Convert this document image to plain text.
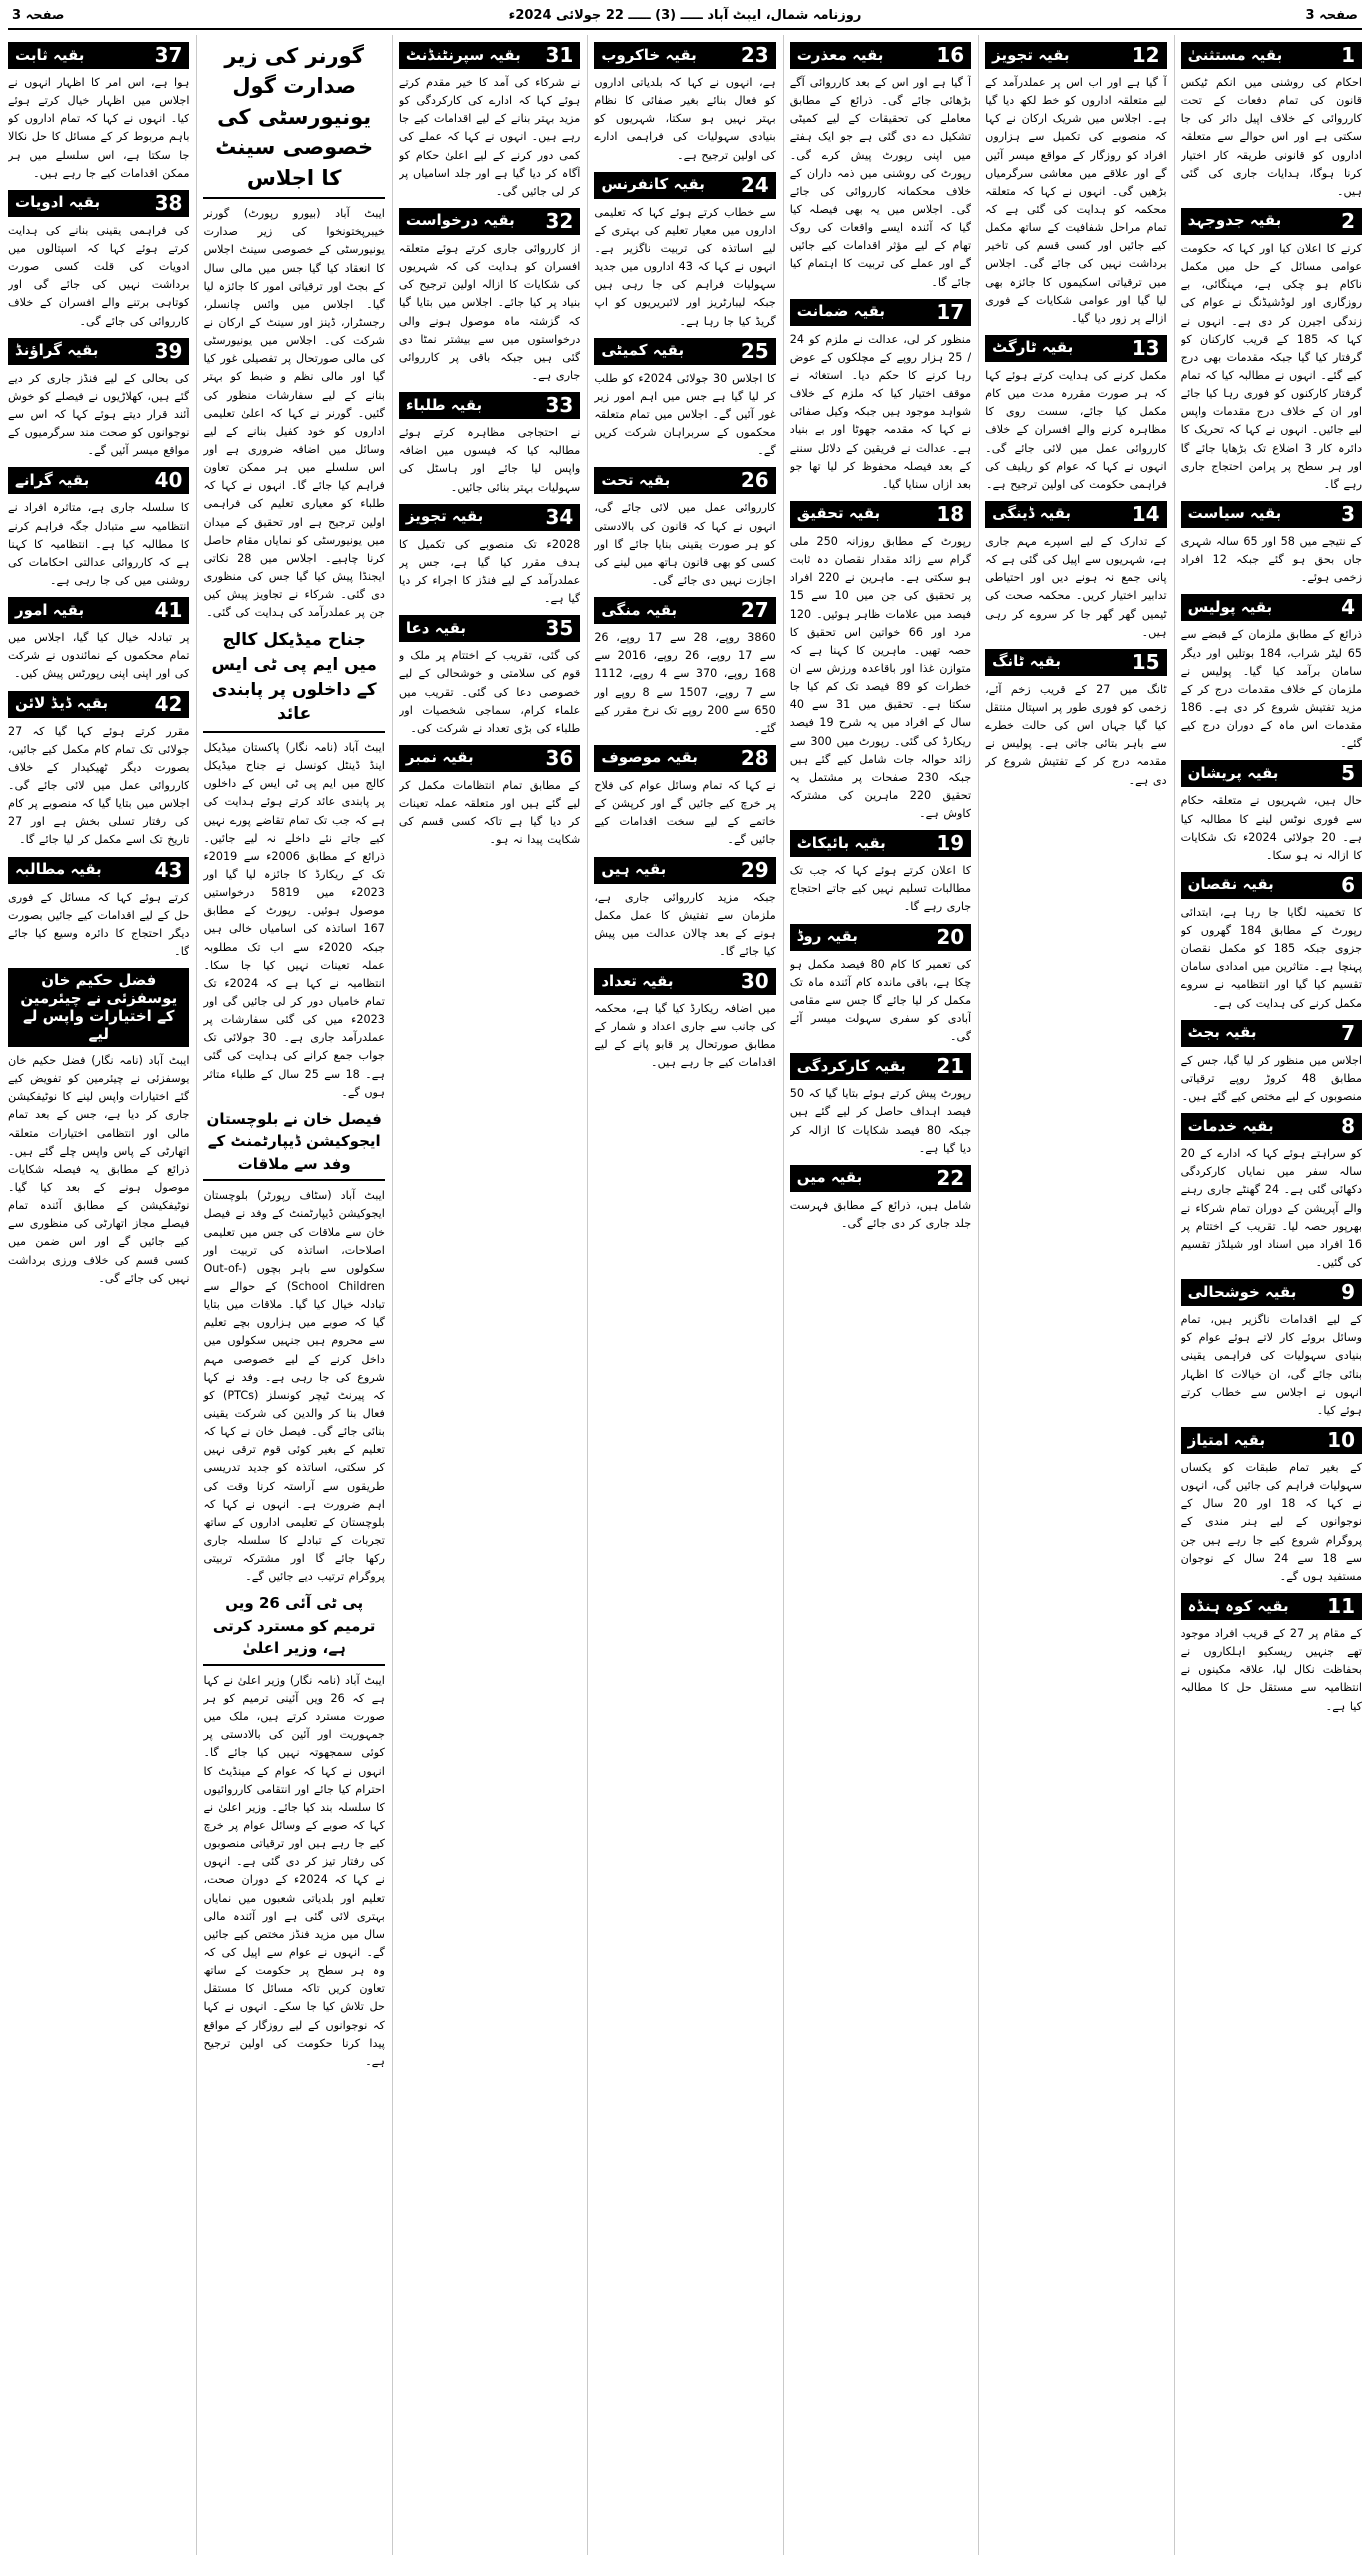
صفحہ 3
روزنامہ شمال، ایبٹ آباد ـــــ (3) ـــــ 22 جولائی 2024ء
صفحہ 3
1
بقیہ مستثنیٰ

احکام کی روشنی میں انکم ٹیکس قانون کی تمام دفعات کے تحت کارروائی کے خلاف اپیل دائر کی جا سکتی ہے اور اس حوالے سے متعلقہ اداروں کو قانونی طریقہ کار اختیار کرنا ہوگا، ہدایات جاری کی گئی ہیں۔

2
بقیہ جدوجہد

کرنے کا اعلان کیا اور کہا کہ حکومت عوامی مسائل کے حل میں مکمل ناکام ہو چکی ہے، مہنگائی، بے روزگاری اور لوڈشیڈنگ نے عوام کی زندگی اجیرن کر دی ہے۔ انہوں نے کہا کہ 185 کے قریب کارکنان کو گرفتار کیا گیا جبکہ مقدمات بھی درج کیے گئے۔ انہوں نے مطالبہ کیا کہ تمام گرفتار کارکنوں کو فوری رہا کیا جائے اور ان کے خلاف درج مقدمات واپس لیے جائیں۔ انہوں نے کہا کہ تحریک کا دائرہ کار 3 اضلاع تک بڑھایا جائے گا اور ہر سطح پر پرامن احتجاج جاری رہے گا۔

3
بقیہ سیاست

کے نتیجے میں 58 اور 65 سالہ شہری جاں بحق ہو گئے جبکہ 12 افراد زخمی ہوئے۔

4
بقیہ پولیس

ذرائع کے مطابق ملزمان کے قبضے سے 65 لیٹر شراب، 184 بوتلیں اور دیگر سامان برآمد کیا گیا۔ پولیس نے ملزمان کے خلاف مقدمات درج کر کے مزید تفتیش شروع کر دی ہے۔ 186 مقدمات اس ماہ کے دوران درج کیے گئے۔

5
بقیہ پریشان

حال ہیں، شہریوں نے متعلقہ حکام سے فوری نوٹس لینے کا مطالبہ کیا ہے۔ 20 جولائی 2024ء تک شکایات کا ازالہ نہ ہو سکا۔

6
بقیہ نقصان

کا تخمینہ لگایا جا رہا ہے، ابتدائی رپورٹ کے مطابق 184 گھروں کو جزوی جبکہ 185 کو مکمل نقصان پہنچا ہے۔ متاثرین میں امدادی سامان تقسیم کیا گیا اور انتظامیہ نے سروے مکمل کرنے کی ہدایت کی ہے۔

7
بقیہ بجٹ

اجلاس میں منظور کر لیا گیا، جس کے مطابق 48 کروڑ روپے ترقیاتی منصوبوں کے لیے مختص کیے گئے ہیں۔

8
بقیہ خدمات

کو سراہتے ہوئے کہا کہ ادارے کے 20 سالہ سفر میں نمایاں کارکردگی دکھائی گئی ہے۔ 24 گھنٹے جاری رہنے والے آپریشن کے دوران تمام شرکاء نے بھرپور حصہ لیا۔ تقریب کے اختتام پر 16 افراد میں اسناد اور شیلڈز تقسیم کی گئیں۔

9
بقیہ خوشحالی

کے لیے اقدامات ناگزیر ہیں، تمام وسائل بروئے کار لاتے ہوئے عوام کو بنیادی سہولیات کی فراہمی یقینی بنائی جائے گی، ان خیالات کا اظہار انہوں نے اجلاس سے خطاب کرتے ہوئے کیا۔

10
بقیہ امتیاز

کے بغیر تمام طبقات کو یکساں سہولیات فراہم کی جائیں گی، انہوں نے کہا کہ 18 اور 20 سال کے نوجوانوں کے لیے ہنر مندی کے پروگرام شروع کیے جا رہے ہیں جن سے 18 سے 24 سال کے نوجوان مستفید ہوں گے۔

11
بقیہ کوہ ہنڈہ

کے مقام پر 27 کے قریب افراد موجود تھے جنہیں ریسکیو اہلکاروں نے بحفاظت نکال لیا، علاقہ مکینوں نے انتظامیہ سے مستقل حل کا مطالبہ کیا ہے۔

12
بقیہ تجویز

آ گیا ہے اور اب اس پر عملدرآمد کے لیے متعلقہ اداروں کو خط لکھ دیا گیا ہے۔ اجلاس میں شریک ارکان نے کہا کہ منصوبے کی تکمیل سے ہزاروں افراد کو روزگار کے مواقع میسر آئیں گے اور علاقے میں معاشی سرگرمیاں بڑھیں گی۔ انہوں نے کہا کہ متعلقہ محکمہ کو ہدایت کی گئی ہے کہ تمام مراحل شفافیت کے ساتھ مکمل کیے جائیں اور کسی قسم کی تاخیر برداشت نہیں کی جائے گی۔ اجلاس میں ترقیاتی اسکیموں کا جائزہ بھی لیا گیا اور عوامی شکایات کے فوری ازالے پر زور دیا گیا۔

13
بقیہ ٹارگٹ

مکمل کرنے کی ہدایت کرتے ہوئے کہا کہ ہر صورت مقررہ مدت میں کام مکمل کیا جائے، سست روی کا مظاہرہ کرنے والے افسران کے خلاف کارروائی عمل میں لائی جائے گی۔ انہوں نے کہا کہ عوام کو ریلیف کی فراہمی حکومت کی اولین ترجیح ہے۔

14
بقیہ ڈینگی

کے تدارک کے لیے اسپرے مہم جاری ہے، شہریوں سے اپیل کی گئی ہے کہ پانی جمع نہ ہونے دیں اور احتیاطی تدابیر اختیار کریں۔ محکمہ صحت کی ٹیمیں گھر گھر جا کر سروے کر رہی ہیں۔

15
بقیہ ٹانگ

ٹانگ میں 27 کے قریب زخم آئے، زخمی کو فوری طور پر اسپتال منتقل کیا گیا جہاں اس کی حالت خطرے سے باہر بتائی جاتی ہے۔ پولیس نے مقدمہ درج کر کے تفتیش شروع کر دی ہے۔

16
بقیہ معذرت

آ گیا ہے اور اس کے بعد کارروائی آگے بڑھائی جائے گی۔ ذرائع کے مطابق معاملے کی تحقیقات کے لیے کمیٹی تشکیل دے دی گئی ہے جو ایک ہفتے میں اپنی رپورٹ پیش کرے گی۔ رپورٹ کی روشنی میں ذمہ داران کے خلاف محکمانہ کارروائی کی جائے گی۔ اجلاس میں یہ بھی فیصلہ کیا گیا کہ آئندہ ایسے واقعات کی روک تھام کے لیے مؤثر اقدامات کیے جائیں گے اور عملے کی تربیت کا اہتمام کیا جائے گا۔

17
بقیہ ضمانت

منظور کر لی، عدالت نے ملزم کو 24 / 25 ہزار روپے کے مچلکوں کے عوض رہا کرنے کا حکم دیا۔ استغاثہ نے موقف اختیار کیا کہ ملزم کے خلاف شواہد موجود ہیں جبکہ وکیل صفائی نے کہا کہ مقدمہ جھوٹا اور بے بنیاد ہے۔ عدالت نے فریقین کے دلائل سننے کے بعد فیصلہ محفوظ کر لیا تھا جو بعد ازاں سنایا گیا۔

18
بقیہ تحقیق

رپورٹ کے مطابق روزانہ 250 ملی گرام سے زائد مقدار نقصان دہ ثابت ہو سکتی ہے۔ ماہرین نے 220 افراد پر تحقیق کی جن میں 10 سے 15 فیصد میں علامات ظاہر ہوئیں۔ 120 مرد اور 66 خواتین اس تحقیق کا حصہ تھیں۔ ماہرین کا کہنا ہے کہ متوازن غذا اور باقاعدہ ورزش سے ان خطرات کو 89 فیصد تک کم کیا جا سکتا ہے۔ تحقیق میں 31 سے 40 سال کے افراد میں یہ شرح 19 فیصد ریکارڈ کی گئی۔ رپورٹ میں 300 سے زائد حوالہ جات شامل کیے گئے ہیں جبکہ 230 صفحات پر مشتمل یہ تحقیق 220 ماہرین کی مشترکہ کاوش ہے۔

19
بقیہ بائیکاٹ

کا اعلان کرتے ہوئے کہا کہ جب تک مطالبات تسلیم نہیں کیے جاتے احتجاج جاری رہے گا۔

20
بقیہ روڈ

کی تعمیر کا کام 80 فیصد مکمل ہو چکا ہے، باقی ماندہ کام آئندہ ماہ تک مکمل کر لیا جائے گا جس سے مقامی آبادی کو سفری سہولت میسر آئے گی۔

21
بقیہ کارکردگی

رپورٹ پیش کرتے ہوئے بتایا گیا کہ 50 فیصد اہداف حاصل کر لیے گئے ہیں جبکہ 80 فیصد شکایات کا ازالہ کر دیا گیا ہے۔

22
بقیہ میں

شامل ہیں، ذرائع کے مطابق فہرست جلد جاری کر دی جائے گی۔

23
بقیہ خاکروب

ہے، انہوں نے کہا کہ بلدیاتی اداروں کو فعال بنائے بغیر صفائی کا نظام بہتر نہیں ہو سکتا، شہریوں کو بنیادی سہولیات کی فراہمی ادارے کی اولین ترجیح ہے۔

24
بقیہ کانفرنس

سے خطاب کرتے ہوئے کہا کہ تعلیمی اداروں میں معیار تعلیم کی بہتری کے لیے اساتذہ کی تربیت ناگزیر ہے۔ انہوں نے کہا کہ 43 اداروں میں جدید سہولیات فراہم کی جا رہی ہیں جبکہ لیبارٹریز اور لائبریریوں کو اپ گریڈ کیا جا رہا ہے۔

25
بقیہ کمیٹی

کا اجلاس 30 جولائی 2024ء کو طلب کر لیا گیا ہے جس میں اہم امور زیر غور آئیں گے۔ اجلاس میں تمام متعلقہ محکموں کے سربراہان شرکت کریں گے۔

26
بقیہ تحت

کارروائی عمل میں لائی جائے گی، انہوں نے کہا کہ قانون کی بالادستی کو ہر صورت یقینی بنایا جائے گا اور کسی کو بھی قانون ہاتھ میں لینے کی اجازت نہیں دی جائے گی۔

27
بقیہ منگی

3860 روپے، 28 سے 17 روپے، 26 سے 17 روپے، 26 روپے، 2016 سے 168 روپے، 370 سے 4 روپے، 1112 سے 7 روپے، 1507 سے 8 روپے اور 650 سے 200 روپے تک نرخ مقرر کیے گئے۔

28
بقیہ موصوف

نے کہا کہ تمام وسائل عوام کی فلاح پر خرچ کیے جائیں گے اور کرپشن کے خاتمے کے لیے سخت اقدامات کیے جائیں گے۔

29
بقیہ ہیں

جبکہ مزید کارروائی جاری ہے، ملزمان سے تفتیش کا عمل مکمل ہونے کے بعد چالان عدالت میں پیش کیا جائے گا۔

30
بقیہ تعداد

میں اضافہ ریکارڈ کیا گیا ہے، محکمہ کی جانب سے جاری اعداد و شمار کے مطابق صورتحال پر قابو پانے کے لیے اقدامات کیے جا رہے ہیں۔

31
بقیہ سپرنٹنڈنٹ

نے شرکاء کی آمد کا خیر مقدم کرتے ہوئے کہا کہ ادارے کی کارکردگی کو مزید بہتر بنانے کے لیے اقدامات کیے جا رہے ہیں۔ انہوں نے کہا کہ عملے کی کمی دور کرنے کے لیے اعلیٰ حکام کو آگاہ کر دیا گیا ہے اور جلد اسامیاں پر کر لی جائیں گی۔

32
بقیہ درخواست

از کارروائی جاری کرتے ہوئے متعلقہ افسران کو ہدایت کی کہ شہریوں کی شکایات کا ازالہ اولین ترجیح کی بنیاد پر کیا جائے۔ اجلاس میں بتایا گیا کہ گزشتہ ماہ موصول ہونے والی درخواستوں میں سے بیشتر نمٹا دی گئی ہیں جبکہ باقی پر کارروائی جاری ہے۔

33
بقیہ طلباء

نے احتجاجی مظاہرہ کرتے ہوئے مطالبہ کیا کہ فیسوں میں اضافہ واپس لیا جائے اور ہاسٹل کی سہولیات بہتر بنائی جائیں۔

34
بقیہ تجویز

2028ء تک منصوبے کی تکمیل کا ہدف مقرر کیا گیا ہے، جس پر عملدرآمد کے لیے فنڈز کا اجراء کر دیا گیا ہے۔

35
بقیہ دعا

کی گئی، تقریب کے اختتام پر ملک و قوم کی سلامتی و خوشحالی کے لیے خصوصی دعا کی گئی۔ تقریب میں علماء کرام، سماجی شخصیات اور طلباء کی بڑی تعداد نے شرکت کی۔

36
بقیہ نمبر

کے مطابق تمام انتظامات مکمل کر لیے گئے ہیں اور متعلقہ عملہ تعینات کر دیا گیا ہے تاکہ کسی قسم کی شکایت پیدا نہ ہو۔

گورنر کی زیر صدارت گول یونیورسٹی کی خصوصی سینٹ کا اجلاس

ایبٹ آباد (بیورو رپورٹ) گورنر خیبرپختونخوا کی زیر صدارت یونیورسٹی کے خصوصی سینٹ اجلاس کا انعقاد کیا گیا جس میں مالی سال کے بجٹ اور ترقیاتی امور کا جائزہ لیا گیا۔ اجلاس میں وائس چانسلر، رجسٹرار، ڈینز اور سینٹ کے ارکان نے شرکت کی۔ اجلاس میں یونیورسٹی کی مالی صورتحال پر تفصیلی غور کیا گیا اور مالی نظم و ضبط کو بہتر بنانے کے لیے سفارشات منظور کی گئیں۔ گورنر نے کہا کہ اعلیٰ تعلیمی اداروں کو خود کفیل بنانے کے لیے وسائل میں اضافہ ضروری ہے اور اس سلسلے میں ہر ممکن تعاون فراہم کیا جائے گا۔ انہوں نے کہا کہ طلباء کو معیاری تعلیم کی فراہمی اولین ترجیح ہے اور تحقیق کے میدان میں یونیورسٹی کو نمایاں مقام حاصل کرنا چاہیے۔ اجلاس میں 28 نکاتی ایجنڈا پیش کیا گیا جس کی منظوری دی گئی۔ شرکاء نے تجاویز پیش کیں جن پر عملدرآمد کی ہدایت کی گئی۔

جناح میڈیکل کالج میں ایم پی ٹی ایس کے داخلوں پر پابندی عائد

ایبٹ آباد (نامہ نگار) پاکستان میڈیکل اینڈ ڈینٹل کونسل نے جناح میڈیکل کالج میں ایم پی ٹی ایس کے داخلوں پر پابندی عائد کرتے ہوئے ہدایت کی ہے کہ جب تک تمام تقاضے پورے نہیں کیے جاتے نئے داخلے نہ لیے جائیں۔ ذرائع کے مطابق 2006ء سے 2019ء تک کے ریکارڈ کا جائزہ لیا گیا اور 2023ء میں 5819 درخواستیں موصول ہوئیں۔ رپورٹ کے مطابق 167 اساتذہ کی اسامیاں خالی ہیں جبکہ 2020ء سے اب تک مطلوبہ عملہ تعینات نہیں کیا جا سکا۔ انتظامیہ نے کہا ہے کہ 2024ء تک تمام خامیاں دور کر لی جائیں گی اور 2023ء میں کی گئی سفارشات پر عملدرآمد جاری ہے۔ 30 جولائی تک جواب جمع کرانے کی ہدایت کی گئی ہے۔ 18 سے 25 سال کے طلباء متاثر ہوں گے۔

فیصل خان نے بلوچستان ایجوکیشن ڈیپارٹمنٹ کے وفد سے ملاقات

ایبٹ آباد (سٹاف رپورٹر) بلوچستان ایجوکیشن ڈیپارٹمنٹ کے وفد نے فیصل خان سے ملاقات کی جس میں تعلیمی اصلاحات، اساتذہ کی تربیت اور سکولوں سے باہر بچوں (Out-of-School Children) کے حوالے سے تبادلہ خیال کیا گیا۔ ملاقات میں بتایا گیا کہ صوبے میں ہزاروں بچے تعلیم سے محروم ہیں جنہیں سکولوں میں داخل کرنے کے لیے خصوصی مہم شروع کی جا رہی ہے۔ وفد نے کہا کہ پیرنٹ ٹیچر کونسلز (PTCs) کو فعال بنا کر والدین کی شرکت یقینی بنائی جائے گی۔ فیصل خان نے کہا کہ تعلیم کے بغیر کوئی قوم ترقی نہیں کر سکتی، اساتذہ کو جدید تدریسی طریقوں سے آراستہ کرنا وقت کی اہم ضرورت ہے۔ انہوں نے کہا کہ بلوچستان کے تعلیمی اداروں کے ساتھ تجربات کے تبادلے کا سلسلہ جاری رکھا جائے گا اور مشترکہ تربیتی پروگرام ترتیب دیے جائیں گے۔

پی ٹی آئی 26 ویں ترمیم کو مسترد کرتی ہے، وزیر اعلیٰ

ایبٹ آباد (نامہ نگار) وزیر اعلیٰ نے کہا ہے کہ 26 ویں آئینی ترمیم کو ہر صورت مسترد کرتے ہیں، ملک میں جمہوریت اور آئین کی بالادستی پر کوئی سمجھوتہ نہیں کیا جائے گا۔ انہوں نے کہا کہ عوام کے مینڈیٹ کا احترام کیا جائے اور انتقامی کارروائیوں کا سلسلہ بند کیا جائے۔ وزیر اعلیٰ نے کہا کہ صوبے کے وسائل عوام پر خرچ کیے جا رہے ہیں اور ترقیاتی منصوبوں کی رفتار تیز کر دی گئی ہے۔ انہوں نے کہا کہ 2024ء کے دوران صحت، تعلیم اور بلدیاتی شعبوں میں نمایاں بہتری لائی گئی ہے اور آئندہ مالی سال میں مزید فنڈز مختص کیے جائیں گے۔ انہوں نے عوام سے اپیل کی کہ وہ ہر سطح پر حکومت کے ساتھ تعاون کریں تاکہ مسائل کا مستقل حل تلاش کیا جا سکے۔ انہوں نے کہا کہ نوجوانوں کے لیے روزگار کے مواقع پیدا کرنا حکومت کی اولین ترجیح ہے۔

37
بقیہ ثابت

ہوا ہے، اس امر کا اظہار انہوں نے اجلاس میں اظہار خیال کرتے ہوئے کیا۔ انہوں نے کہا کہ تمام اداروں کو باہم مربوط کر کے مسائل کا حل نکالا جا سکتا ہے، اس سلسلے میں ہر ممکن اقدامات کیے جا رہے ہیں۔

38
بقیہ ادویات

کی فراہمی یقینی بنانے کی ہدایت کرتے ہوئے کہا کہ اسپتالوں میں ادویات کی قلت کسی صورت برداشت نہیں کی جائے گی اور کوتاہی برتنے والے افسران کے خلاف کارروائی کی جائے گی۔

39
بقیہ گراؤنڈ

کی بحالی کے لیے فنڈز جاری کر دیے گئے ہیں، کھلاڑیوں نے فیصلے کو خوش آئند قرار دیتے ہوئے کہا کہ اس سے نوجوانوں کو صحت مند سرگرمیوں کے مواقع میسر آئیں گے۔

40
بقیہ گرانے

کا سلسلہ جاری ہے، متاثرہ افراد نے انتظامیہ سے متبادل جگہ فراہم کرنے کا مطالبہ کیا ہے۔ انتظامیہ کا کہنا ہے کہ کارروائی عدالتی احکامات کی روشنی میں کی جا رہی ہے۔

41
بقیہ امور

پر تبادلہ خیال کیا گیا، اجلاس میں تمام محکموں کے نمائندوں نے شرکت کی اور اپنی اپنی رپورٹس پیش کیں۔

42
بقیہ ڈیڈ لائن

مقرر کرتے ہوئے کہا گیا کہ 27 جولائی تک تمام کام مکمل کیے جائیں، بصورت دیگر ٹھیکیدار کے خلاف کارروائی عمل میں لائی جائے گی۔ اجلاس میں بتایا گیا کہ منصوبے پر کام کی رفتار تسلی بخش ہے اور 27 تاریخ تک اسے مکمل کر لیا جائے گا۔

43
بقیہ مطالبہ

کرتے ہوئے کہا کہ مسائل کے فوری حل کے لیے اقدامات کیے جائیں بصورت دیگر احتجاج کا دائرہ وسیع کیا جائے گا۔

فضل حکیم خان یوسفزئی نے چیئرمین کے اختیارات واپس لے لیے

ایبٹ آباد (نامہ نگار) فضل حکیم خان یوسفزئی نے چیئرمین کو تفویض کیے گئے اختیارات واپس لینے کا نوٹیفکیشن جاری کر دیا ہے، جس کے بعد تمام مالی اور انتظامی اختیارات متعلقہ اتھارٹی کے پاس واپس چلے گئے ہیں۔ ذرائع کے مطابق یہ فیصلہ شکایات موصول ہونے کے بعد کیا گیا۔ نوٹیفکیشن کے مطابق آئندہ تمام فیصلے مجاز اتھارٹی کی منظوری سے کیے جائیں گے اور اس ضمن میں کسی قسم کی خلاف ورزی برداشت نہیں کی جائے گی۔
